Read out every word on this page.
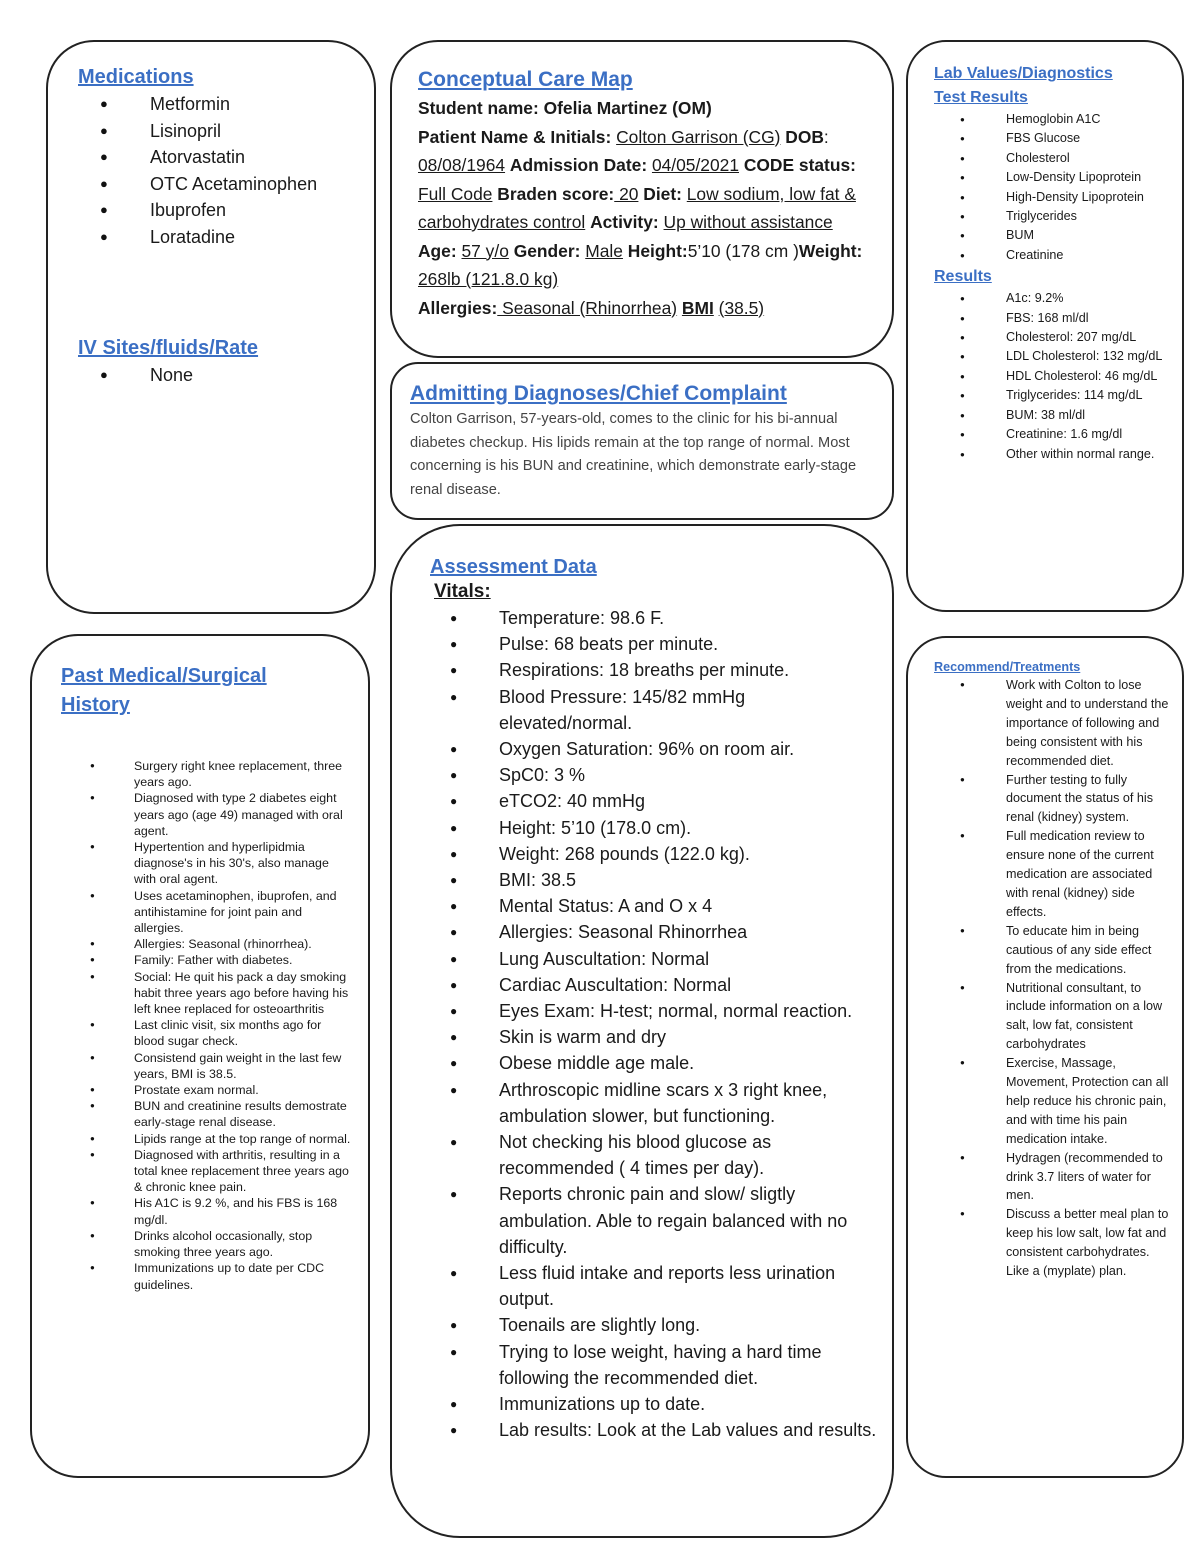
Medications
● Metformin
● Lisinopril
● Atorvastatin
● OTC Acetaminophen
● Ibuprofen
● Loratadine
IV Sites/fluids/Rate
● None
Past Medical/Surgical
History
● Surgery right knee replacement, three years ago.
● Diagnosed with type 2 diabetes eight years ago (age 49) managed with oral agent.
● Hypertention and hyperlipidmia diagnose's in his 30's, also manage with oral agent.
● Uses acetaminophen, ibuprofen, and antihistamine for joint pain and allergies.
● Allergies: Seasonal (rhinorrhea).
● Family: Father with diabetes.
● Social: He quit his pack a day smoking habit three years ago before having his left knee replaced for osteoarthritis
● Last clinic visit, six months ago for blood sugar check.
● Consistend gain weight in the last few years, BMI is 38.5.
● Prostate exam normal.
● BUN and creatinine results demostrate early-stage renal disease.
● Lipids range at the top range of normal.
● Diagnosed with arthritis, resulting in a total knee replacement three years ago & chronic knee pain.
● His A1C is 9.2 %, and his FBS is 168 mg/dl.
● Drinks alcohol occasionally, stop smoking three years ago.
● Immunizations up to date per CDC guidelines.
Conceptual Care Map
Student name: Ofelia Martinez (OM)
Patient Name & Initials: Colton Garrison (CG) DOB: 08/08/1964 Admission Date: 04/05/2021 CODE status: Full Code Braden score: 20 Diet: Low sodium, low fat & carbohydrates control Activity: Up without assistance Age: 57 y/o Gender: Male Height:5’10 (178 cm )Weight: 268lb (121.8.0 kg)
Allergies: Seasonal (Rhinorrhea) BMI (38.5)
Admitting Diagnoses/Chief Complaint

Colton Garrison, 57-years-old, comes to the clinic for his bi-annual diabetes checkup. His lipids remain at the top range of normal. Most concerning is his BUN and creatinine, which demonstrate early-stage renal disease.

Assessment Data
Vitals:
● Temperature: 98.6 F.
● Pulse: 68 beats per minute.
● Respirations: 18 breaths per minute.
● Blood Pressure: 145/82 mmHg elevated/normal.
● Oxygen Saturation: 96% on room air.
● SpC0: 3 %
● eTCO2: 40 mmHg
● Height: 5’10 (178.0 cm).
● Weight: 268 pounds (122.0 kg).
● BMI: 38.5
● Mental Status: A and O x 4
● Allergies: Seasonal Rhinorrhea
● Lung Auscultation: Normal
● Cardiac Auscultation: Normal
● Eyes Exam: H-test; normal, normal reaction.
● Skin is warm and dry
● Obese middle age male.
● Arthroscopic midline scars x 3 right knee, ambulation slower, but functioning.
● Not checking his blood glucose as recommended ( 4 times per day).
● Reports chronic pain and slow/ sligtly ambulation. Able to regain balanced with no difficulty.
● Less fluid intake and reports less urination output.
● Toenails are slightly long.
● Trying to lose weight, having a hard time following the recommended diet.
● Immunizations up to date.
● Lab results: Look at the Lab values and results.
Lab Values/Diagnostics
Test Results
● Hemoglobin A1C
● FBS Glucose
● Cholesterol
● Low-Density Lipoprotein
● High-Density Lipoprotein
● Triglycerides
● BUM
● Creatinine
Results
● A1c: 9.2%
● FBS: 168 ml/dl
● Cholesterol: 207 mg/dL
● LDL Cholesterol: 132 mg/dL
● HDL Cholesterol: 46 mg/dL
● Triglycerides: 114 mg/dL
● BUM: 38 ml/dl
● Creatinine: 1.6 mg/dl
● Other within normal range.
Recommend/Treatments
● Work with Colton to lose weight and to understand the importance of following and being consistent with his recommended diet.
● Further testing to fully document the status of his renal (kidney) system.
● Full medication review to ensure none of the current medication are associated with renal (kidney) side effects.
● To educate him in being cautious of any side effect from the medications.
● Nutritional consultant, to include information on a low salt, low fat, consistent carbohydrates
● Exercise, Massage, Movement, Protection can all help reduce his chronic pain, and with time his pain medication intake.
● Hydragen (recommended to drink 3.7 liters of water for men.
● Discuss a better meal plan to keep his low salt, low fat and consistent carbohydrates. Like a (myplate) plan.
